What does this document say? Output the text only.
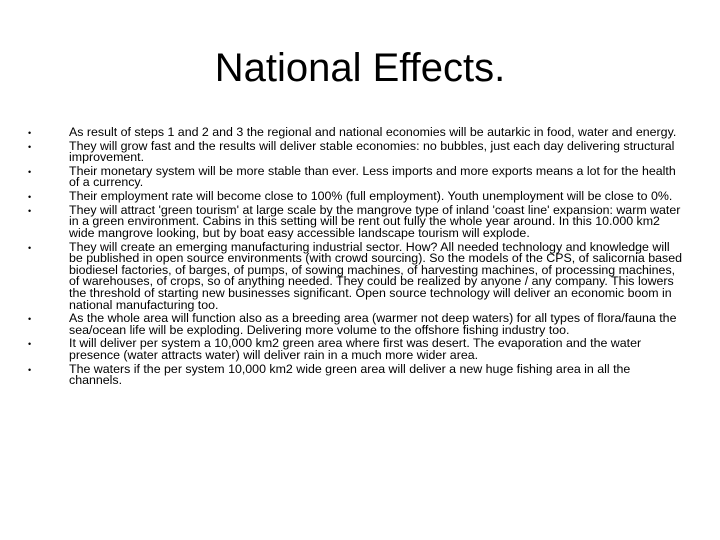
National Effects.
•	As result of steps 1 and 2 and 3 the regional and national economies will be autarkic in food, water and energy.
•	They will grow fast and the results will deliver stable economies: no bubbles, just each day delivering structural improvement.
•	Their monetary system will be more stable than ever. Less imports and more exports means a lot for the health of a currency.
•	Their employment rate will become close to 100% (full employment). Youth unemployment will be close to 0%.
•	They will attract 'green tourism' at large scale by the mangrove type of inland 'coast line' expansion: warm water in a green environment. Cabins in this setting will be rent out fully the whole year around. In this 10.000 km2 wide mangrove looking, but by boat easy accessible landscape tourism will explode.
•	They will create an emerging manufacturing industrial sector. How? All needed technology and knowledge will be published in open source environments (with crowd sourcing). So the models of the CPS, of salicornia based biodiesel factories, of barges, of pumps, of sowing machines, of harvesting machines, of processing machines, of warehouses, of crops, so of anything needed. They could be realized by anyone / any company. This lowers the threshold of starting new businesses significant. Open source technology will deliver an economic boom in national manufacturing too.
•	As the whole area will function also as a breeding area (warmer not deep waters) for all types of flora/fauna the sea/ocean life will be exploding. Delivering more volume to the offshore fishing industry too.
•	It will deliver per system a 10,000 km2 green area where first was desert. The evaporation and the water presence (water attracts water) will deliver rain in a much more wider area.
•	The waters if the per system 10,000 km2 wide green area will deliver a new huge fishing area in all the channels.
